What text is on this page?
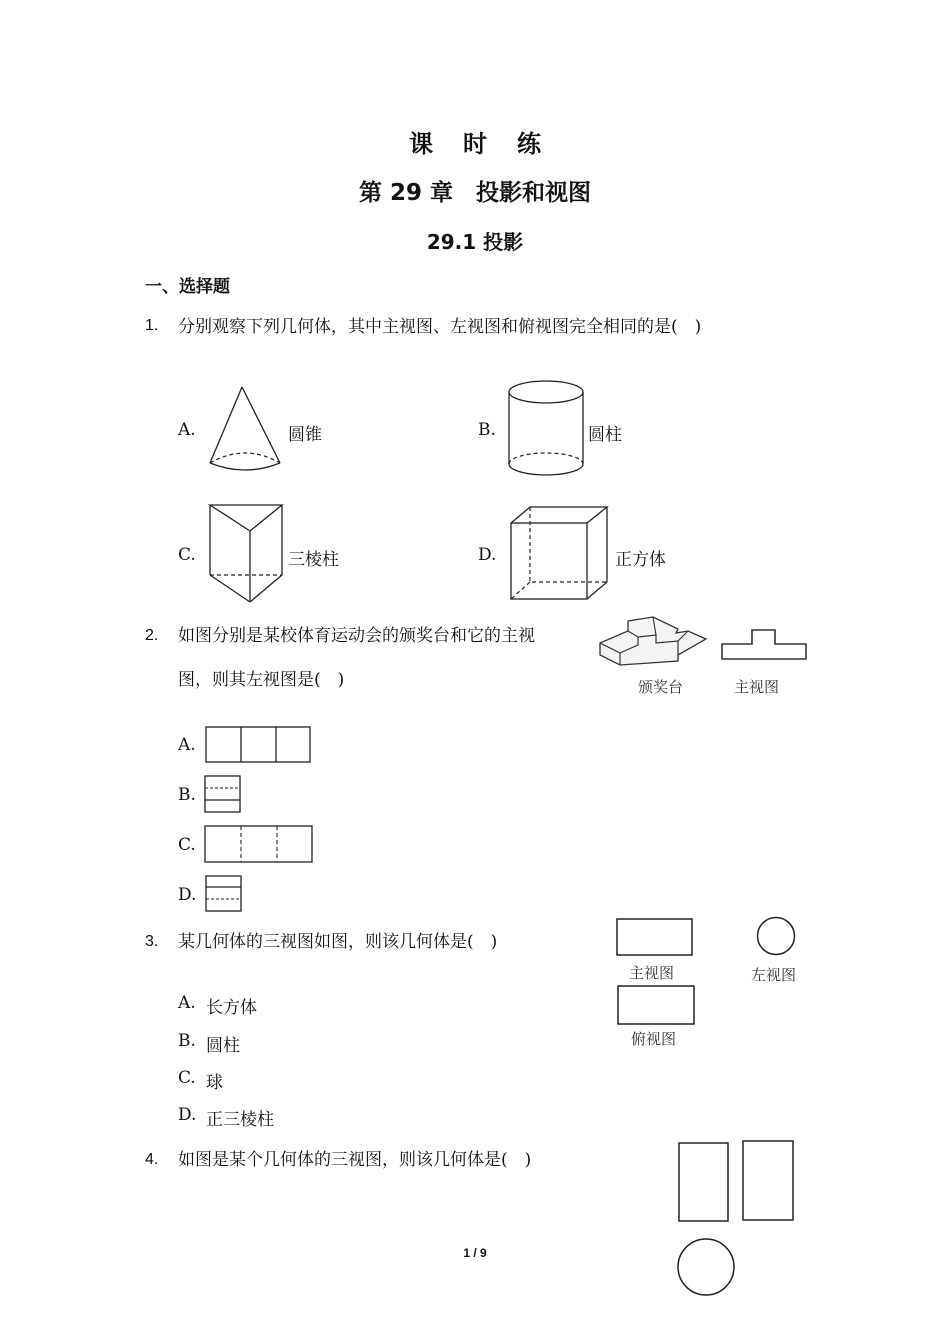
课时练
第 29 章　投影和视图
29.1 投影
一、选择题
1. 分别观察下列几何体，其中主视图、左视图和俯视图完全相同的是(　)
A.	圆锥	B.	圆柱
C.	三棱柱	D.	正方体
2. 如图分别是某校体育运动会的颁奖台和它的主视
图，则其左视图是(　)	颁奖台	主视图
A.
B.
C.
D.
3. 某几何体的三视图如图，则该几何体是(　)
主视图	左视图
俯视图
A. 长方体
B. 圆柱
C. 球
D. 正三棱柱
4. 如图是某个几何体的三视图，则该几何体是(　)
1 / 9
